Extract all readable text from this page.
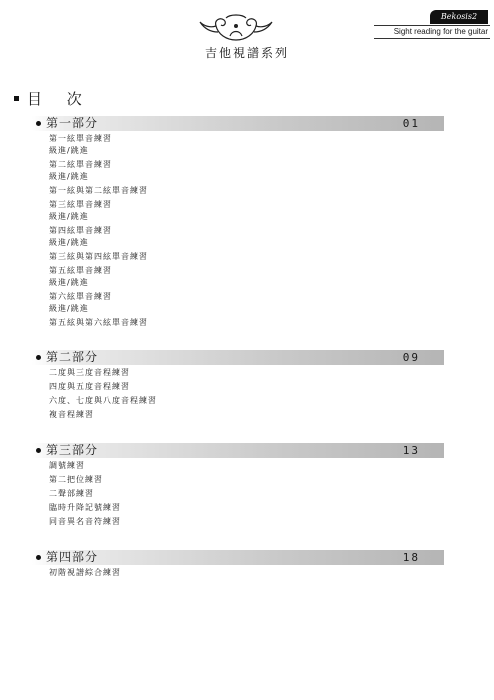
吉他視譜系列
Bekosis2
Sight reading for the guitar
目 次
第一部分	01
第一絃單音練習
級進/跳進
第二絃單音練習
級進/跳進
第一絃與第二絃單音練習
第三絃單音練習
級進/跳進
第四絃單音練習
級進/跳進
第三絃與第四絃單音練習
第五絃單音練習
級進/跳進
第六絃單音練習
級進/跳進
第五絃與第六絃單音練習
第二部分	09
二度與三度音程練習
四度與五度音程練習
六度、七度與八度音程練習
複音程練習
第三部分	13
調號練習
第二把位練習
二聲部練習
臨時升降記號練習
同音異名音符練習
第四部分	18
初階視譜綜合練習
